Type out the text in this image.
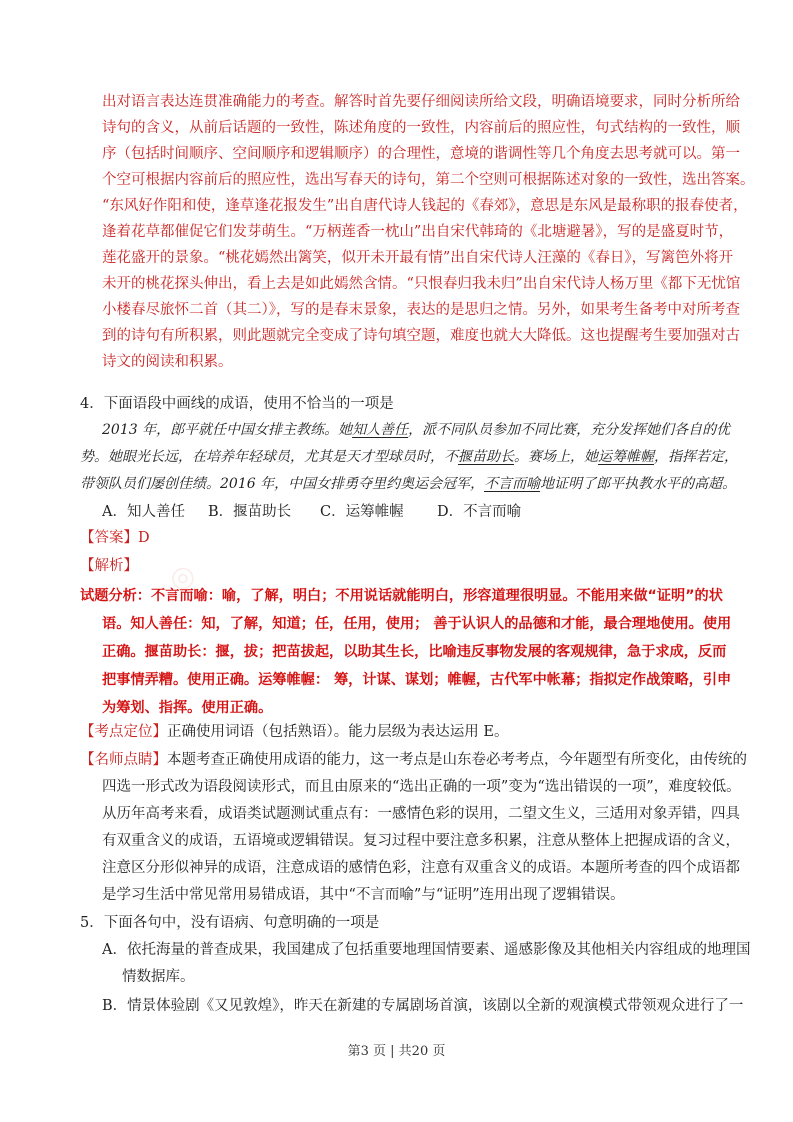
◎
出对语言表达连贯准确能力的考查。解答时首先要仔细阅读所给文段，明确语境要求，同时分析所给
诗句的含义，从前后话题的一致性，陈述角度的一致性，内容前后的照应性，句式结构的一致性，顺
序（包括时间顺序、空间顺序和逻辑顺序）的合理性，意境的谐调性等几个角度去思考就可以。第一
个空可根据内容前后的照应性，选出写春天的诗句，第二个空则可根据陈述对象的一致性，选出答案。
“东风好作阳和使，逢草逢花报发生”出自唐代诗人钱起的《春郊》，意思是东风是最称职的报春使者，
逢着花草都催促它们发芽萌生。“万柄莲香一枕山”出自宋代韩琦的《北塘避暑》，写的是盛夏时节，
莲花盛开的景象。“桃花嫣然出篱笑，似开未开最有情”出自宋代诗人汪藻的《春日》，写篱笆外将开
未开的桃花探头伸出，看上去是如此嫣然含情。“只恨春归我未归”出自宋代诗人杨万里《都下无忧馆
小楼春尽旅怀二首（其二）》，写的是春末景象，表达的是思归之情。另外，如果考生备考中对所考查
到的诗句有所积累，则此题就完全变成了诗句填空题，难度也就大大降低。这也提醒考生要加强对古
诗文的阅读和积累。
4．下面语段中画线的成语，使用不恰当的一项是
2013 年，郎平就任中国女排主教练。她知人善任，派不同队员参加不同比赛，充分发挥她们各自的优
势。她眼光长远，在培养年轻球员，尤其是天才型球员时，不揠苗助长。赛场上，她运筹帷幄，指挥若定，
带领队员们屡创佳绩。2016 年，中国女排勇夺里约奥运会冠军，不言而喻地证明了郎平执教水平的高超。
A．知人善任 B．揠苗助长 C．运筹帷幄 D．不言而喻
【答案】D
【解析】
试题分析：不言而喻：喻，了解，明白；不用说话就能明白，形容道理很明显。不能用来做“证明”的状
语。知人善任：知，了解，知道；任，任用，使用； 善于认识人的品德和才能，最合理地使用。使用
正确。揠苗助长：揠，拔；把苗拔起，以助其生长，比喻违反事物发展的客观规律，急于求成，反而
把事情弄糟。使用正确。运筹帷幄： 筹，计谋、谋划；帷幄，古代军中帐幕；指拟定作战策略，引申
为筹划、指挥。使用正确。
【考点定位】正确使用词语（包括熟语）。能力层级为表达运用 E。
【名师点睛】本题考查正确使用成语的能力，这一考点是山东卷必考考点，今年题型有所变化，由传统的
四选一形式改为语段阅读形式，而且由原来的“选出正确的一项”变为“选出错误的一项”，难度较低。
从历年高考来看，成语类试题测试重点有：一感情色彩的误用，二望文生义，三适用对象弄错，四具
有双重含义的成语，五语境或逻辑错误。复习过程中要注意多积累，注意从整体上把握成语的含义，
注意区分形似神异的成语，注意成语的感情色彩，注意有双重含义的成语。本题所考查的四个成语都
是学习生活中常见常用易错成语，其中“不言而喻”与“证明”连用出现了逻辑错误。
5．下面各句中，没有语病、句意明确的一项是
A．依托海量的普查成果，我国建成了包括重要地理国情要素、遥感影像及其他相关内容组成的地理国
情数据库。
B．情景体验剧《又见敦煌》，昨天在新建的专属剧场首演，该剧以全新的观演模式带领观众进行了一
第3 页 | 共20 页
